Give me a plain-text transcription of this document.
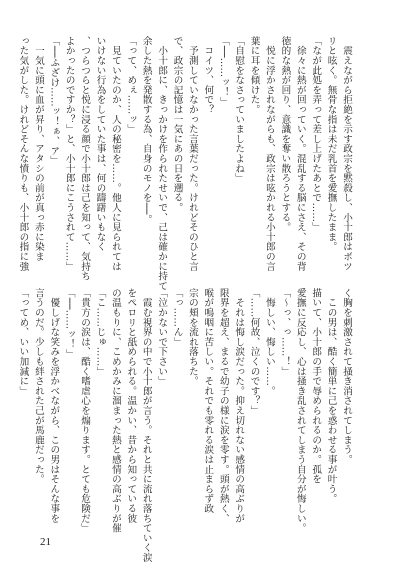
　震えながら拒絶を示す政宗を黙殺し、小十郎はボツ
リと呟く。無骨な指は未だ乳首を愛撫したまま。
「なが此処を弄って差し上げたあとで……」
　徐々に熱が回っていく。混乱する脳にさえ、その背
徳的な熱が回り、意識を奪い散ろうとする。
　悦に浮かされながらも、政宗は呟かれる小十郎の言
葉に耳を傾けた。
「自慰をなさっていましたよね」
「──……ッ！」
　コイツ、何で？
　予測していなかった言葉だった。けれどそのひと言
で、政宗の記憶は一気にあの日を遡る。
　小十郎に、きっかけを作られたせいで、己は確かに持て
余した熱を発散する為、自身のモノを──。
「って、めぇ……ッ」
　見ていたのか、人の秘密を……。他人に見られては
いけない行為をしていた事は、何の躊躇いもなく
、つらつらと悦に浸る顔で小十郎は己を知って、気持ち
よかったのですか？」と、小十郎にこうされて……」
「──ふざけ……ッ！ぁ、ア」
　一気に頭に血が昇り、アタシの前が真っ赤に染ま
った気がした。けれどそんな憤りも、小十郎の指に強
く胸を刺激されて掻き消されてしまう。
　この男は、酷く簡単に己を惑わせる事が叶う。
描いて、小十郎の手で辱められるのか。孤を
愛撫に反応し、心は掻き乱されてしまう自分が悔しい。
「〜っ、っ……！」
　悔しい、悔しい……。
「……何故、泣くのです？」
　それは悔し涙だった。抑え切れない感情の高ぶりが
限界を超え、まるで幼子の様に涙を零す。頭が熱く、
喉が鳴咽に苦しい。それでも零れる涙は止まらず政
宗の頬を流れ落ちた。
「っ……ん」
「泣かないで下さい」
　霞む視界の中で小十郎が言う。それと共に流れ落ちていく涙
をぺロリと舐められる。温かい、昔から知っている彼
の温もりに、こめかみに溜まった熱と感情の高ぶりが催
「こ……じゅ……」
「貴方の涙は、酷く嗜虐心を煽ります。とても危険だ」
「──……ッ！」
　優しげな笑みを浮かべながら、この男はそんな事を
言うのだ。少しも絆された己が馬鹿だった。
「ってめ、いい加減に」
21
